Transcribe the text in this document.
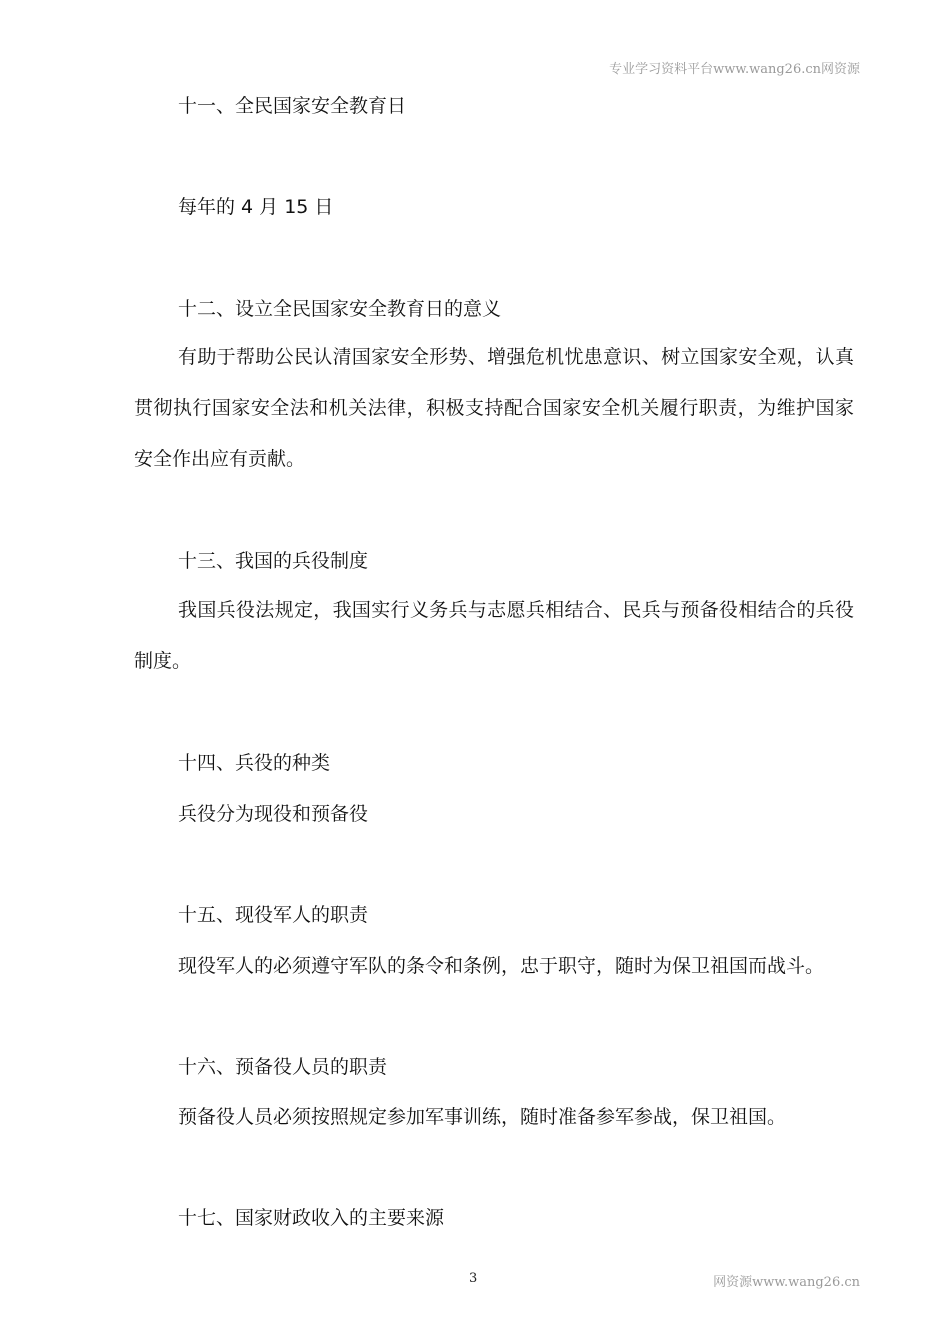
专业学习资料平台www.wang26.cn网资源
十一、全民国家安全教育日
每年的 4 月 15 日
十二、设立全民国家安全教育日的意义
有助于帮助公民认清国家安全形势、增强危机忧患意识、树立国家安全观，认真贯彻执行国家安全法和机关法律，积极支持配合国家安全机关履行职责，为维护国家安全作出应有贡献。
十三、我国的兵役制度
我国兵役法规定，我国实行义务兵与志愿兵相结合、民兵与预备役相结合的兵役制度。
十四、兵役的种类
兵役分为现役和预备役
十五、现役军人的职责
现役军人的必须遵守军队的条令和条例，忠于职守，随时为保卫祖国而战斗。
十六、预备役人员的职责
预备役人员必须按照规定参加军事训练，随时准备参军参战，保卫祖国。
十七、国家财政收入的主要来源
3	网资源www.wang26.cn
